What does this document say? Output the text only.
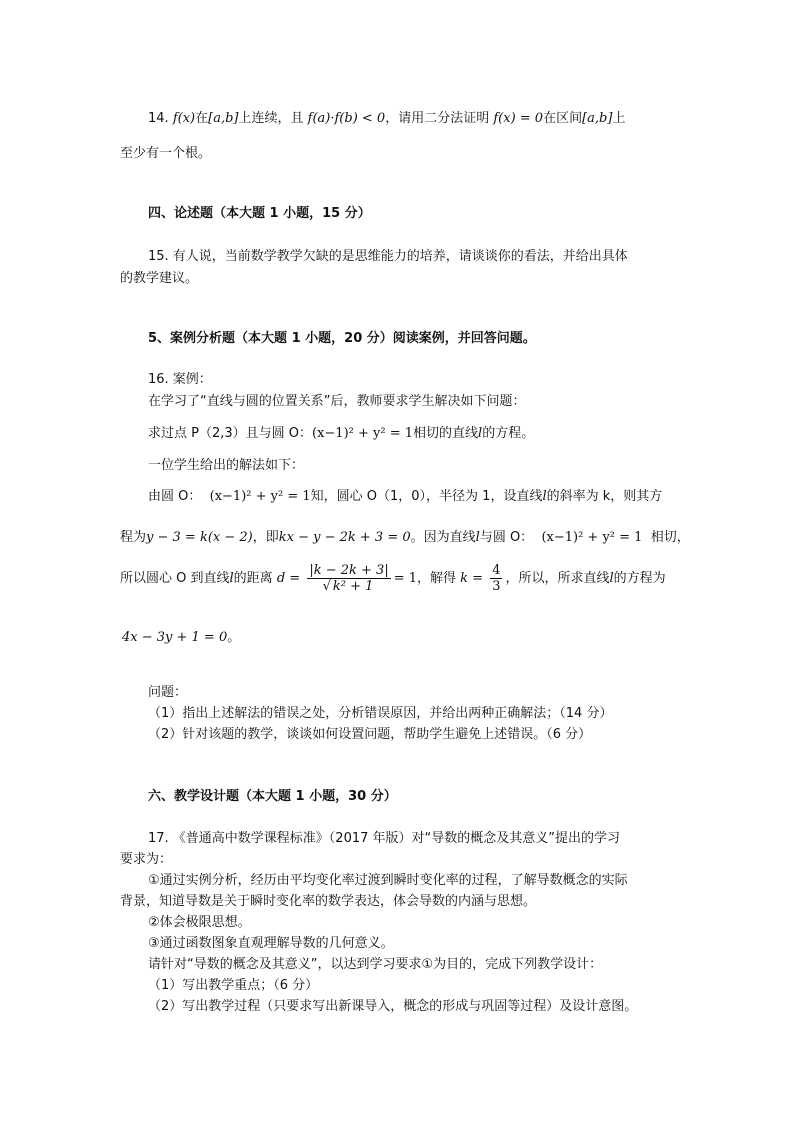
14. f(x)在[a,b]上连续，且 f(a)·f(b) < 0，请用二分法证明 f(x) = 0在区间[a,b]上
至少有一个根。
四、论述题（本大题 1 小题，15 分）
15. 有人说，当前数学教学欠缺的是思维能力的培养，请谈谈你的看法，并给出具体
的教学建议。
5、案例分析题（本大题 1 小题，20 分）阅读案例，并回答问题。
16. 案例：
在学习了“直线与圆的位置关系”后，教师要求学生解决如下问题：
求过点 P（2,3）且与圆 O：(x−1)² + y² = 1相切的直线l的方程。
一位学生给出的解法如下：
由圆 O： (x−1)² + y² = 1知，圆心 O（1，0），半径为 1，设直线l的斜率为 k，则其方
程为y − 3 = k(x − 2)，即kx − y − 2k + 3 = 0。因为直线l与圆 O： (x−1)² + y² = 1 相切，
所以圆心 O 到直线l的距离 $d = \frac{|k - 2k + 3|}{\text{√ k² + 1}} = 1$，解得 $k = \frac{4}{3}$ ，所以，所求直线l的方程为
4x − 3y + 1 = 0。
问题：
（1）指出上述解法的错误之处，分析错误原因，并给出两种正确解法；（14 分）
（2）针对该题的教学，谈谈如何设置问题，帮助学生避免上述错误。（6 分）
六、教学设计题（本大题 1 小题，30 分）
17. 《普通高中数学课程标准》（2017 年版）对“导数的概念及其意义”提出的学习
要求为：
①通过实例分析，经历由平均变化率过渡到瞬时变化率的过程，了解导数概念的实际
背景，知道导数是关于瞬时变化率的数学表达，体会导数的内涵与思想。
②体会极限思想。
③通过函数图象直观理解导数的几何意义。
请针对“导数的概念及其意义”，以达到学习要求①为目的，完成下列教学设计：
（1）写出教学重点；（6 分）
（2）写出教学过程（只要求写出新课导入，概念的形成与巩固等过程）及设计意图。
